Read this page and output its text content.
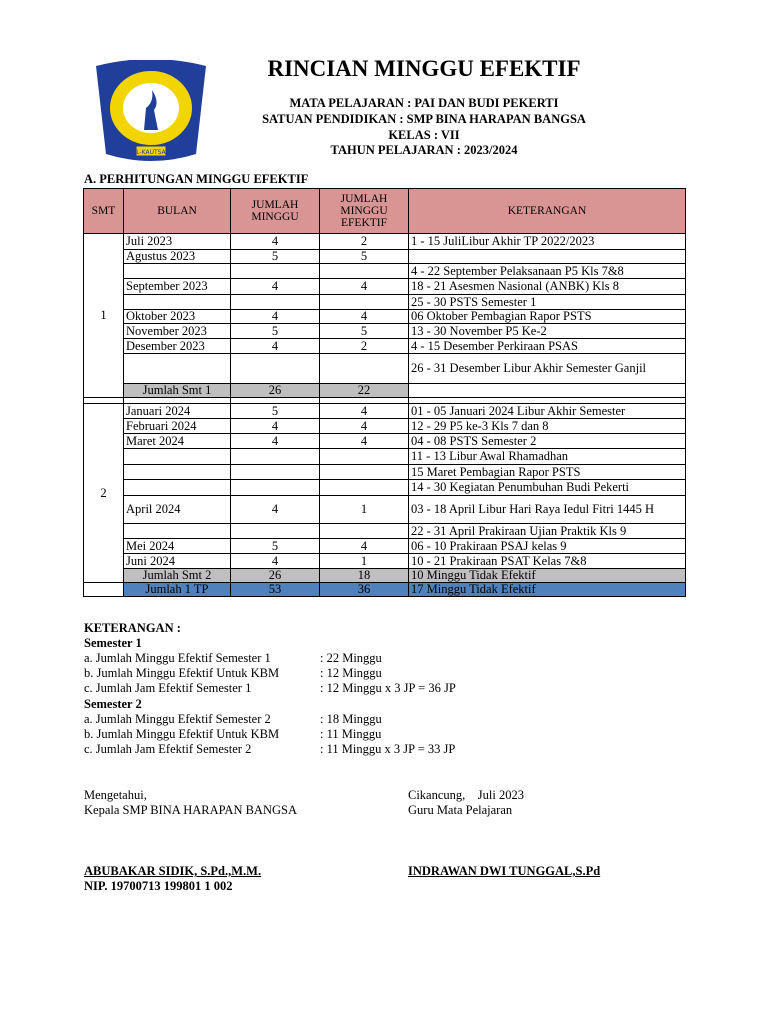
AL-KAUTSAR
RINCIAN MINGGU EFEKTIF
MATA PELAJARAN : PAI DAN BUDI PEKERTI
SATUAN PENDIDIKAN : SMP BINA HARAPAN BANGSA
KELAS : VII
TAHUN PELAJARAN : 2023/2024
A. PERHITUNGAN MINGGU EFEKTIF
SMT	BULAN	JUMLAH MINGGU	JUMLAH MINGGU EFEKTIF	KETERANGAN
1	Juli 2023	4	2	1 - 15 JuliLibur Akhir TP 2022/2023
	Agustus 2023	5	5	
				4 - 22 September Pelaksanaan P5 Kls 7&8
	September 2023	4	4	18 - 21 Asesmen Nasional (ANBK) Kls 8
				25 - 30 PSTS Semester 1
	Oktober 2023	4	4	06 Oktober Pembagian Rapor PSTS
	November 2023	5	5	13 - 30 November P5 Ke-2
	Desember 2023	4	2	4 - 15 Desember Perkiraan PSAS
				26 - 31 Desember Libur Akhir Semester Ganjil
	Jumlah Smt 1	26	22	

2	Januari 2024	5	4	01 - 05 Januari 2024 Libur Akhir Semester
	Februari 2024	4	4	12 - 29 P5 ke-3 Kls 7 dan 8
	Maret 2024	4	4	04 - 08 PSTS Semester 2
				11 - 13 Libur Awal Rhamadhan
				15 Maret Pembagian Rapor PSTS
				14 - 30 Kegiatan Penumbuhan Budi Pekerti
	April 2024	4	1	03 - 18 April Libur Hari Raya Iedul Fitri 1445 H
				22 - 31 April Prakiraan Ujian Praktik Kls 9
	Mei 2024	5	4	06 - 10 Prakiraan PSAJ kelas 9
	Juni 2024	4	1	10 - 21 Prakiraan PSAT Kelas 7&8
	Jumlah Smt 2	26	18	10 Minggu Tidak Efektif
	Jumlah 1 TP	53	36	17 Minggu Tidak Efektif
KETERANGAN :
Semester 1
a. Jumlah Minggu Efektif Semester 1	: 22 Minggu
b. Jumlah Minggu Efektif Untuk KBM	: 12 Minggu
c. Jumlah Jam Efektif Semester 1	: 12 Minggu x 3 JP = 36 JP
Semester 2
a. Jumlah Minggu Efektif Semester 2	: 18 Minggu
b. Jumlah Minggu Efektif Untuk KBM	: 11 Minggu
c. Jumlah Jam Efektif Semester 2	: 11 Minggu x 3 JP = 33 JP
Mengetahui,
Kepala SMP BINA HARAPAN BANGSA
ABUBAKAR SIDIK, S.Pd.,M.M.
NIP. 19700713 199801 1 002
Cikancung,    Juli 2023
Guru Mata Pelajaran
INDRAWAN DWI TUNGGAL,S.Pd
